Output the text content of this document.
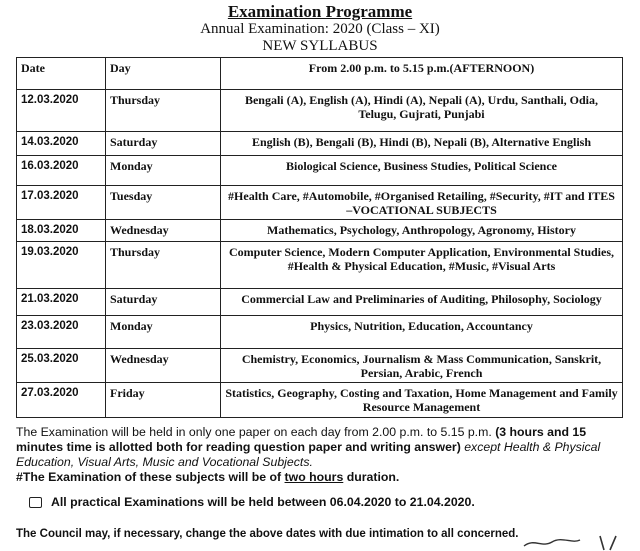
Examination Programme
Annual Examination: 2020 (Class – XI)
NEW SYLLABUS
Date	Day	From 2.00 p.m. to 5.15 p.m.(AFTERNOON)
12.03.2020	Thursday	Bengali (A), English (A), Hindi (A), Nepali (A), Urdu, Santhali, Odia, Telugu, Gujrati, Punjabi
14.03.2020	Saturday	English (B), Bengali (B), Hindi (B), Nepali (B), Alternative English
16.03.2020	Monday	Biological Science, Business Studies, Political Science
17.03.2020	Tuesday	#Health Care, #Automobile, #Organised Retailing, #Security, #IT and ITES –VOCATIONAL SUBJECTS
18.03.2020	Wednesday	Mathematics, Psychology, Anthropology, Agronomy, History
19.03.2020	Thursday	Computer Science, Modern Computer Application, Environmental Studies, #Health & Physical Education, #Music, #Visual Arts
21.03.2020	Saturday	Commercial Law and Preliminaries of Auditing, Philosophy, Sociology
23.03.2020	Monday	Physics, Nutrition, Education, Accountancy
25.03.2020	Wednesday	Chemistry, Economics, Journalism & Mass Communication, Sanskrit, Persian, Arabic, French
27.03.2020	Friday	Statistics, Geography, Costing and Taxation, Home Management and Family Resource Management
The Examination will be held in only one paper on each day from 2.00 p.m. to 5.15 p.m. (3 hours and 15 minutes time is allotted both for reading question paper and writing answer) except Health & Physical Education, Visual Arts, Music and Vocational Subjects.
#The Examination of these subjects will be of two hours duration.
All practical Examinations will be held between 06.04.2020 to 21.04.2020.
The Council may, if necessary, change the above dates with due intimation to all concerned.
